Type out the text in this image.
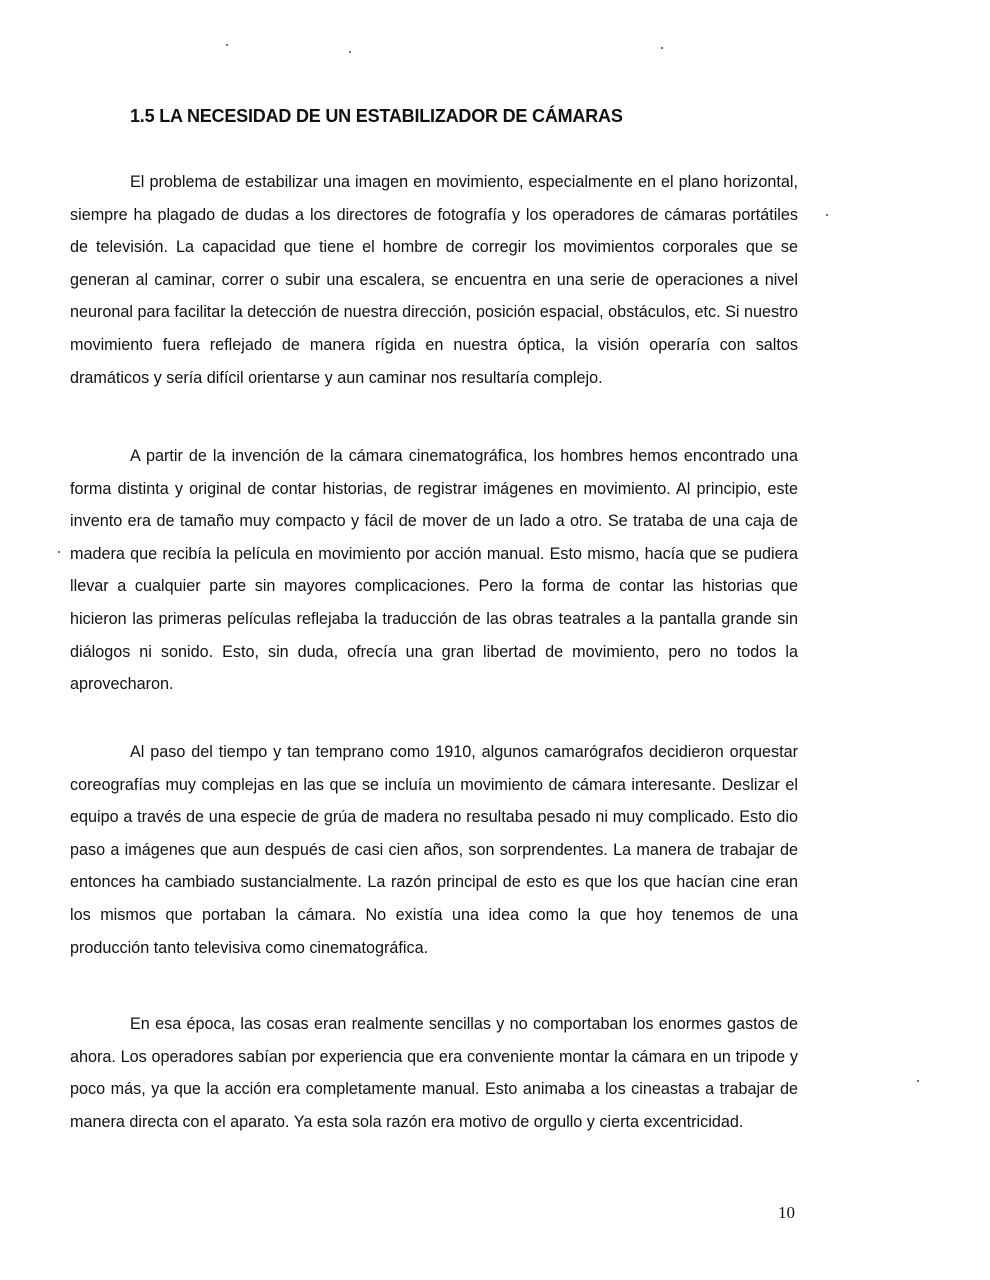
1.5 LA NECESIDAD DE UN ESTABILIZADOR DE CÁMARAS

El problema de estabilizar una imagen en movimiento, especialmente en el plano horizontal, siempre ha plagado de dudas a los directores de fotografía y los operadores de cámaras portátiles de televisión. La capacidad que tiene el hombre de corregir los movimientos corporales que se generan al caminar, correr o subir una escalera, se encuentra en una serie de operaciones a nivel neuronal para facilitar la detección de nuestra dirección, posición espacial, obstáculos, etc. Si nuestro movimiento fuera reflejado de manera rígida en nuestra óptica, la visión operaría con saltos dramáticos y sería difícil orientarse y aun caminar nos resultaría complejo.

A partir de la invención de la cámara cinematográfica, los hombres hemos encontrado una forma distinta y original de contar historias, de registrar imágenes en movimiento. Al principio, este invento era de tamaño muy compacto y fácil de mover de un lado a otro. Se trataba de una caja de madera que recibía la película en movimiento por acción manual. Esto mismo, hacía que se pudiera llevar a cualquier parte sin mayores complicaciones. Pero la forma de contar las historias que hicieron las primeras películas reflejaba la traducción de las obras teatrales a la pantalla grande sin diálogos ni sonido. Esto, sin duda, ofrecía una gran libertad de movimiento, pero no todos la aprovecharon.

Al paso del tiempo y tan temprano como 1910, algunos camarógrafos decidieron orquestar coreografías muy complejas en las que se incluía un movimiento de cámara interesante. Deslizar el equipo a través de una especie de grúa de madera no resultaba pesado ni muy complicado. Esto dio paso a imágenes que aun después de casi cien años, son sorprendentes. La manera de trabajar de entonces ha cambiado sustancialmente. La razón principal de esto es que los que hacían cine eran los mismos que portaban la cámara. No existía una idea como la que hoy tenemos de una producción tanto televisiva como cinematográfica.

En esa época, las cosas eran realmente sencillas y no comportaban los enormes gastos de ahora. Los operadores sabían por experiencia que era conveniente montar la cámara en un tripode y poco más, ya que la acción era completamente manual. Esto animaba a los cineastas a trabajar de manera directa con el aparato. Ya esta sola razón era motivo de orgullo y cierta excentricidad.

10
